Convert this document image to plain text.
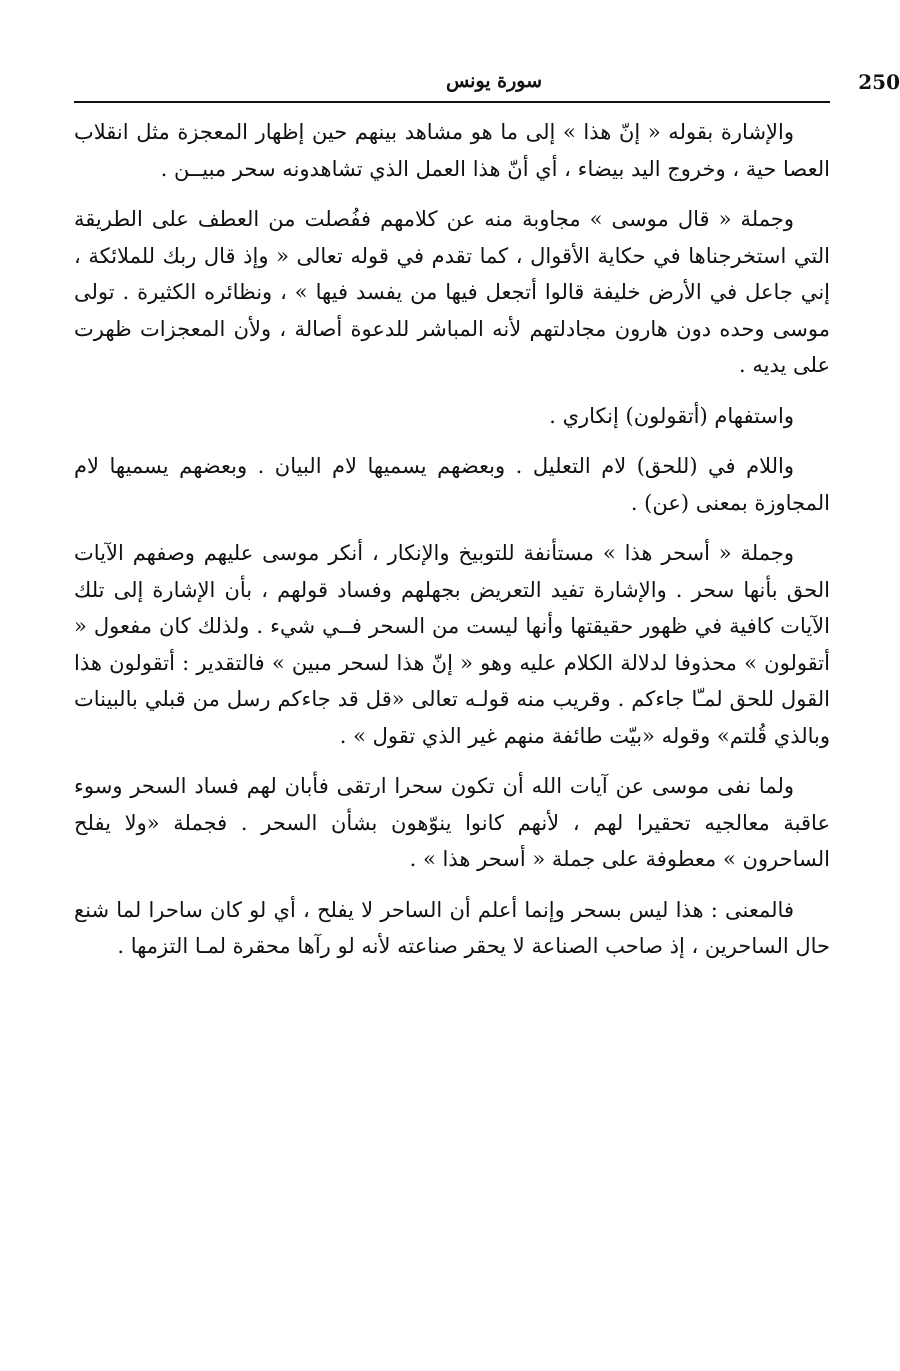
250
سورة يونس

والإشارة بقوله « إنّ هذا » إلى ما هو مشاهد بينهم حين إظهار المعجزة مثل انقلاب العصا حية ، وخروج اليد بيضاء ، أي أنّ هذا العمل الذي تشاهدونه سحر مبيــن .

وجملة « قال موسى » مجاوبة منه عن كلامهم ففُصلت من العطف على الطريقة التي استخرجناها في حكاية الأقوال ، كما تقدم في قوله تعالى « وإذ قال ربك للملائكة ، إني جاعل في الأرض خليفة قالوا أتجعل فيها من يفسد فيها » ، ونظائره الكثيرة . تولى موسى وحده دون هارون مجادلتهم لأنه المباشر للدعوة أصالة ، ولأن المعجزات ظهرت على يديه .

واستفهام (أتقولون) إنكاري .

واللام في (للحق) لام التعليل . وبعضهم يسميها لام البيان . وبعضهم يسميها لام المجاوزة بمعنى (عن) .

وجملة « أسحر هذا » مستأنفة للتوبيخ والإنكار ، أنكر موسى عليهم وصفهم الآيات الحق بأنها سحر . والإشارة تفيد التعريض بجهلهم وفساد قولهم ، بأن الإشارة إلى تلك الآيات كافية في ظهور حقيقتها وأنها ليست من السحر فــي شيء . ولذلك كان مفعول « أتقولون » محذوفا لدلالة الكلام عليه وهو « إنّ هذا لسحر مبين » فالتقدير : أتقولون هذا القول للحق لمـّا جاءكم . وقريب منه قولـه تعالى «قل قد جاءكم رسل من قبلي بالبينات وبالذي قُلتم» وقوله «بيّت طائفة منهم غير الذي تقول » .

ولما نفى موسى عن آيات الله أن تكون سحرا ارتقى فأبان لهم فساد السحر وسوء عاقبة معالجيه تحقيرا لهم ، لأنهم كانوا ينوّهون بشأن السحر . فجملة «ولا يفلح الساحرون » معطوفة على جملة « أسحر هذا » .

فالمعنى : هذا ليس بسحر وإنما أعلم أن الساحر لا يفلح ، أي لو كان ساحرا لما شنع حال الساحرين ، إذ صاحب الصناعة لا يحقر صناعته لأنه لو رآها محقرة لمـا التزمها .
